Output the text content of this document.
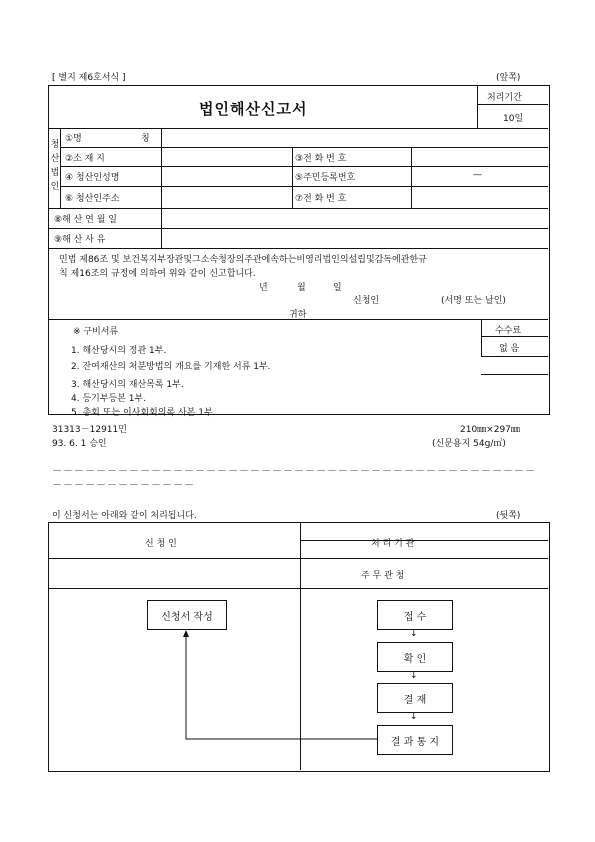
[ 별지 제6호서식 ]	(앞쪽)
법인해산신고서
처리기간
10일
청산법인
①명	칭
②소 재 지	③전 화 번 호
④ 청산인성명	⑤주민등록번호	—
⑥ 청산인주소	⑦전 화 번 호
⑧해 산 연 월 일
⑨해 산 사 유
민법 제86조 및 보건복지부장관및그소속청장의주관에속하는비영리법인의설립및감독에관한규
칙 제16조의 규정에 의하여 위와 같이 신고합니다.
년	월	일
신청인	(서명 또는 날인)
귀하
※ 구비서류
1. 해산당시의 정관 1부.
2. 잔여재산의 처분방법의 개요를 기재한 서류 1부.
3. 해산당시의 재산목록 1부.
4. 등기부등본 1부.
5. 총회 또는 이사회회의록 사본 1부.
수수료
없 음
31313－12911민
93. 6. 1 승인
210㎜×297㎜
(신문용지 54g/㎡)
－－－－－－－－－－－－－－－－－－－－－－－－－－－－－－－－－－－－－－－－－－－－
－－－－－－－－－－－－－
이 신청서는 아래와 같이 처리됩니다.	(뒷쪽)
신 청 인	처 리 기 관
주 무 관 청
신청서 작성	접 수
↓
확 인
↓
결 재
↓
결 과 통 지
